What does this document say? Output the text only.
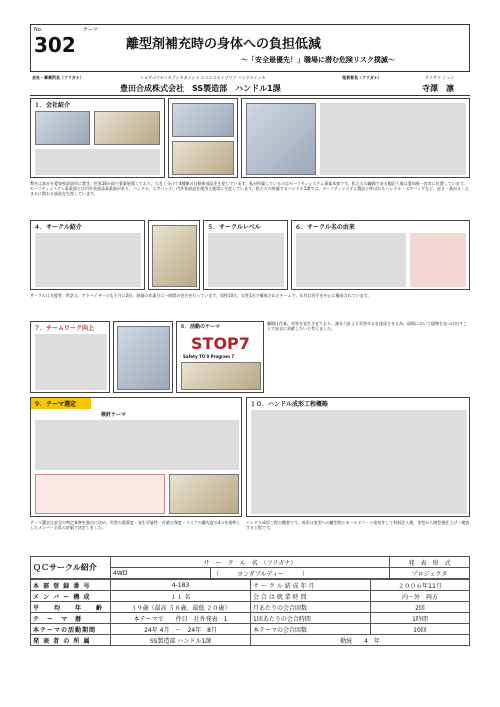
No.
302
テーマ
離型剤補充時の身体への負担低減
～「安全最優先！」職場に潜む危険リスク撲滅～
会社・事業所名（フリガナ）	トヨダゴウセイカブシキガイシャ エスエスセイゾウブ ハンドルイッカ
豊田合成株式会社　SS製造部　ハンドル1課
発表者名（フリガナ）	テラサワ ジュン
寺澤　凛
１．会社紹介
弊社は本社を愛知県清須市に置き、世界16か国で事業展開しており、大きく分けて4種類の自動車部品を生産しています。私が所属しているのはセーフティシステム事業本部です。私たちの職場である稲沢工場は愛知県一宮市に位置しています。セーフティシステム事業部とは内外装部品事業部があり、ハンドル、エアバッグ、内外装部品を使用立地別に生産しています。私たちの所属するハンドル1課では、セーフティシステム製品と呼ばれるハンドル・エアバッグなど、走る・曲がる・止まるに関わる部品を生産しています。
４．サークル紹介	５．サークルレベル	６．サークル名の由来
サークルは支援者、世話人、アドバイザーのもと月に2回、原価の作業日に一時間の会合を行っています。男性10名、女性1名で構成されたチームで、年代は若手を中心に構成されています。
７．チームワーク向上	８．活動のテーマ
STOP7
Safety TO 0 Program 7
職場は作業、災害を発生させており、課長力針より災害ゼロを達成させる為、現場において現物を見つけ出すことで安全に貢献したいと考えました。
９．テーマ選定
検討テーマ
１０．ハンドル成形工程概略
テーマ選定は安全の判定基準を独自に決め、災害の重篤度・発生可能性・作業の頻度・リスクの優先度の4つを基準としたメンバー全員の評価で決定しました。
ハンドル成形工程の概要です。成形は金型への離型剤とモールドコート塗布をして材料注入後、金型から脱型後仕上げ・検査する工程です。
ＱＣサークル紹介	サ　ー　ク　ル　名　（フリガナ）		発　表　形　式
	4WD	（　　　ヨンダブルディー　　　）	プロジェクタ
本 部 登 録 番 号	4-183	サ ー ク ル 結 成 年 月	２００６年11月
メ ン バ ー 構 成	１１ 名	会 合 は 就 業 時 間	内・外　両方
平　　均　　年　　齢	３９歳（最高 ５８歳、最低 ２０歳）	月あたりの会合回数	2回
テ　ー　マ　暦	本テーマで　　件目　社外発表　1	1回あたりの会合時間	1時間
本テーマの活動期間	24年 4月　～　24年　8月	本テーマの会合回数	10回
発 表 者 の 所 属	SS製造部 ハンドル1課	勤続　　4　年	
